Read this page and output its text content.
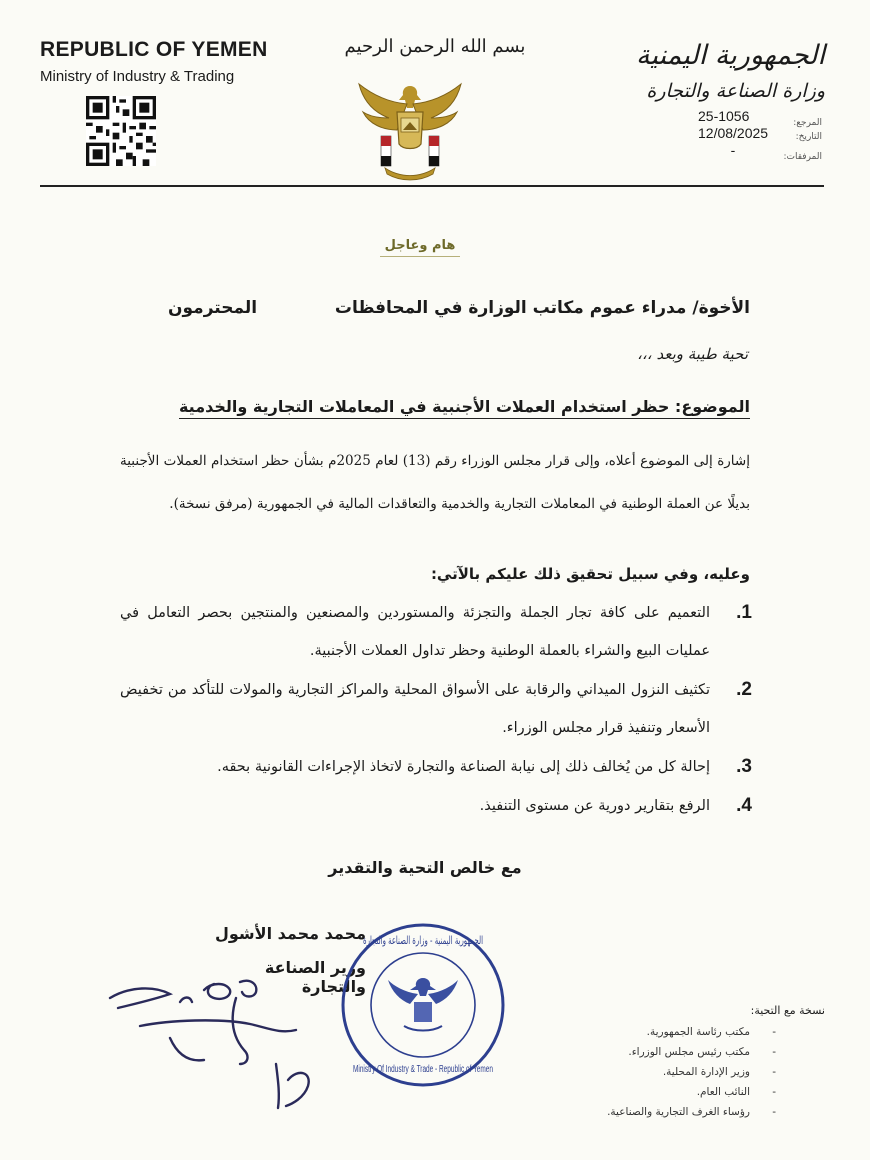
REPUBLIC OF YEMEN
Ministry of Industry & Trading
بسم الله الرحمن الرحيم	الجمهورية اليمنية
وزارة الصناعة والتجارة
المرجع:
التاريخ:
المرفقات:
25-1056
12/08/2025
-
هام وعاجل
الأخوة/ مدراء عموم مكاتب الوزارة في المحافظات
المحترمون
تحية طيبة وبعد ،،،
الموضوع: حظر استخدام العملات الأجنبية في المعاملات التجارية والخدمية
إشارة إلى الموضوع أعلاه، وإلى قرار مجلس الوزراء رقم (13) لعام 2025م بشأن حظر استخدام العملات الأجنبية بديلًا عن العملة الوطنية في المعاملات التجارية والخدمية والتعاقدات المالية في الجمهورية (مرفق نسخة).
وعليه، وفي سبيل تحقيق ذلك عليكم بالآتي:
1.
التعميم على كافة تجار الجملة والتجزئة والمستوردين والمصنعين والمنتجين بحصر التعامل في عمليات البيع والشراء بالعملة الوطنية وحظر تداول العملات الأجنبية.
2.
تكثيف النزول الميداني والرقابة على الأسواق المحلية والمراكز التجارية والمولات للتأكد من تخفيض الأسعار وتنفيذ قرار مجلس الوزراء.
3.
إحالة كل من يُخالف ذلك إلى نيابة الصناعة والتجارة لاتخاذ الإجراءات القانونية بحقه.
4.
الرفع بتقارير دورية عن مستوى التنفيذ.
مع خالص التحية والتقدير
محمد محمد الأشول
وزير الصناعة والتجارة
الجمهورية اليمنية - وزارة الصناعة والتجارة
Ministry Of Industry & Trade - Republic of Yemen
نسخة مع التحية:
- مكتب رئاسة الجمهورية.
- مكتب رئيس مجلس الوزراء.
- وزير الإدارة المحلية.
- النائب العام.
- رؤساء الغرف التجارية والصناعية.
